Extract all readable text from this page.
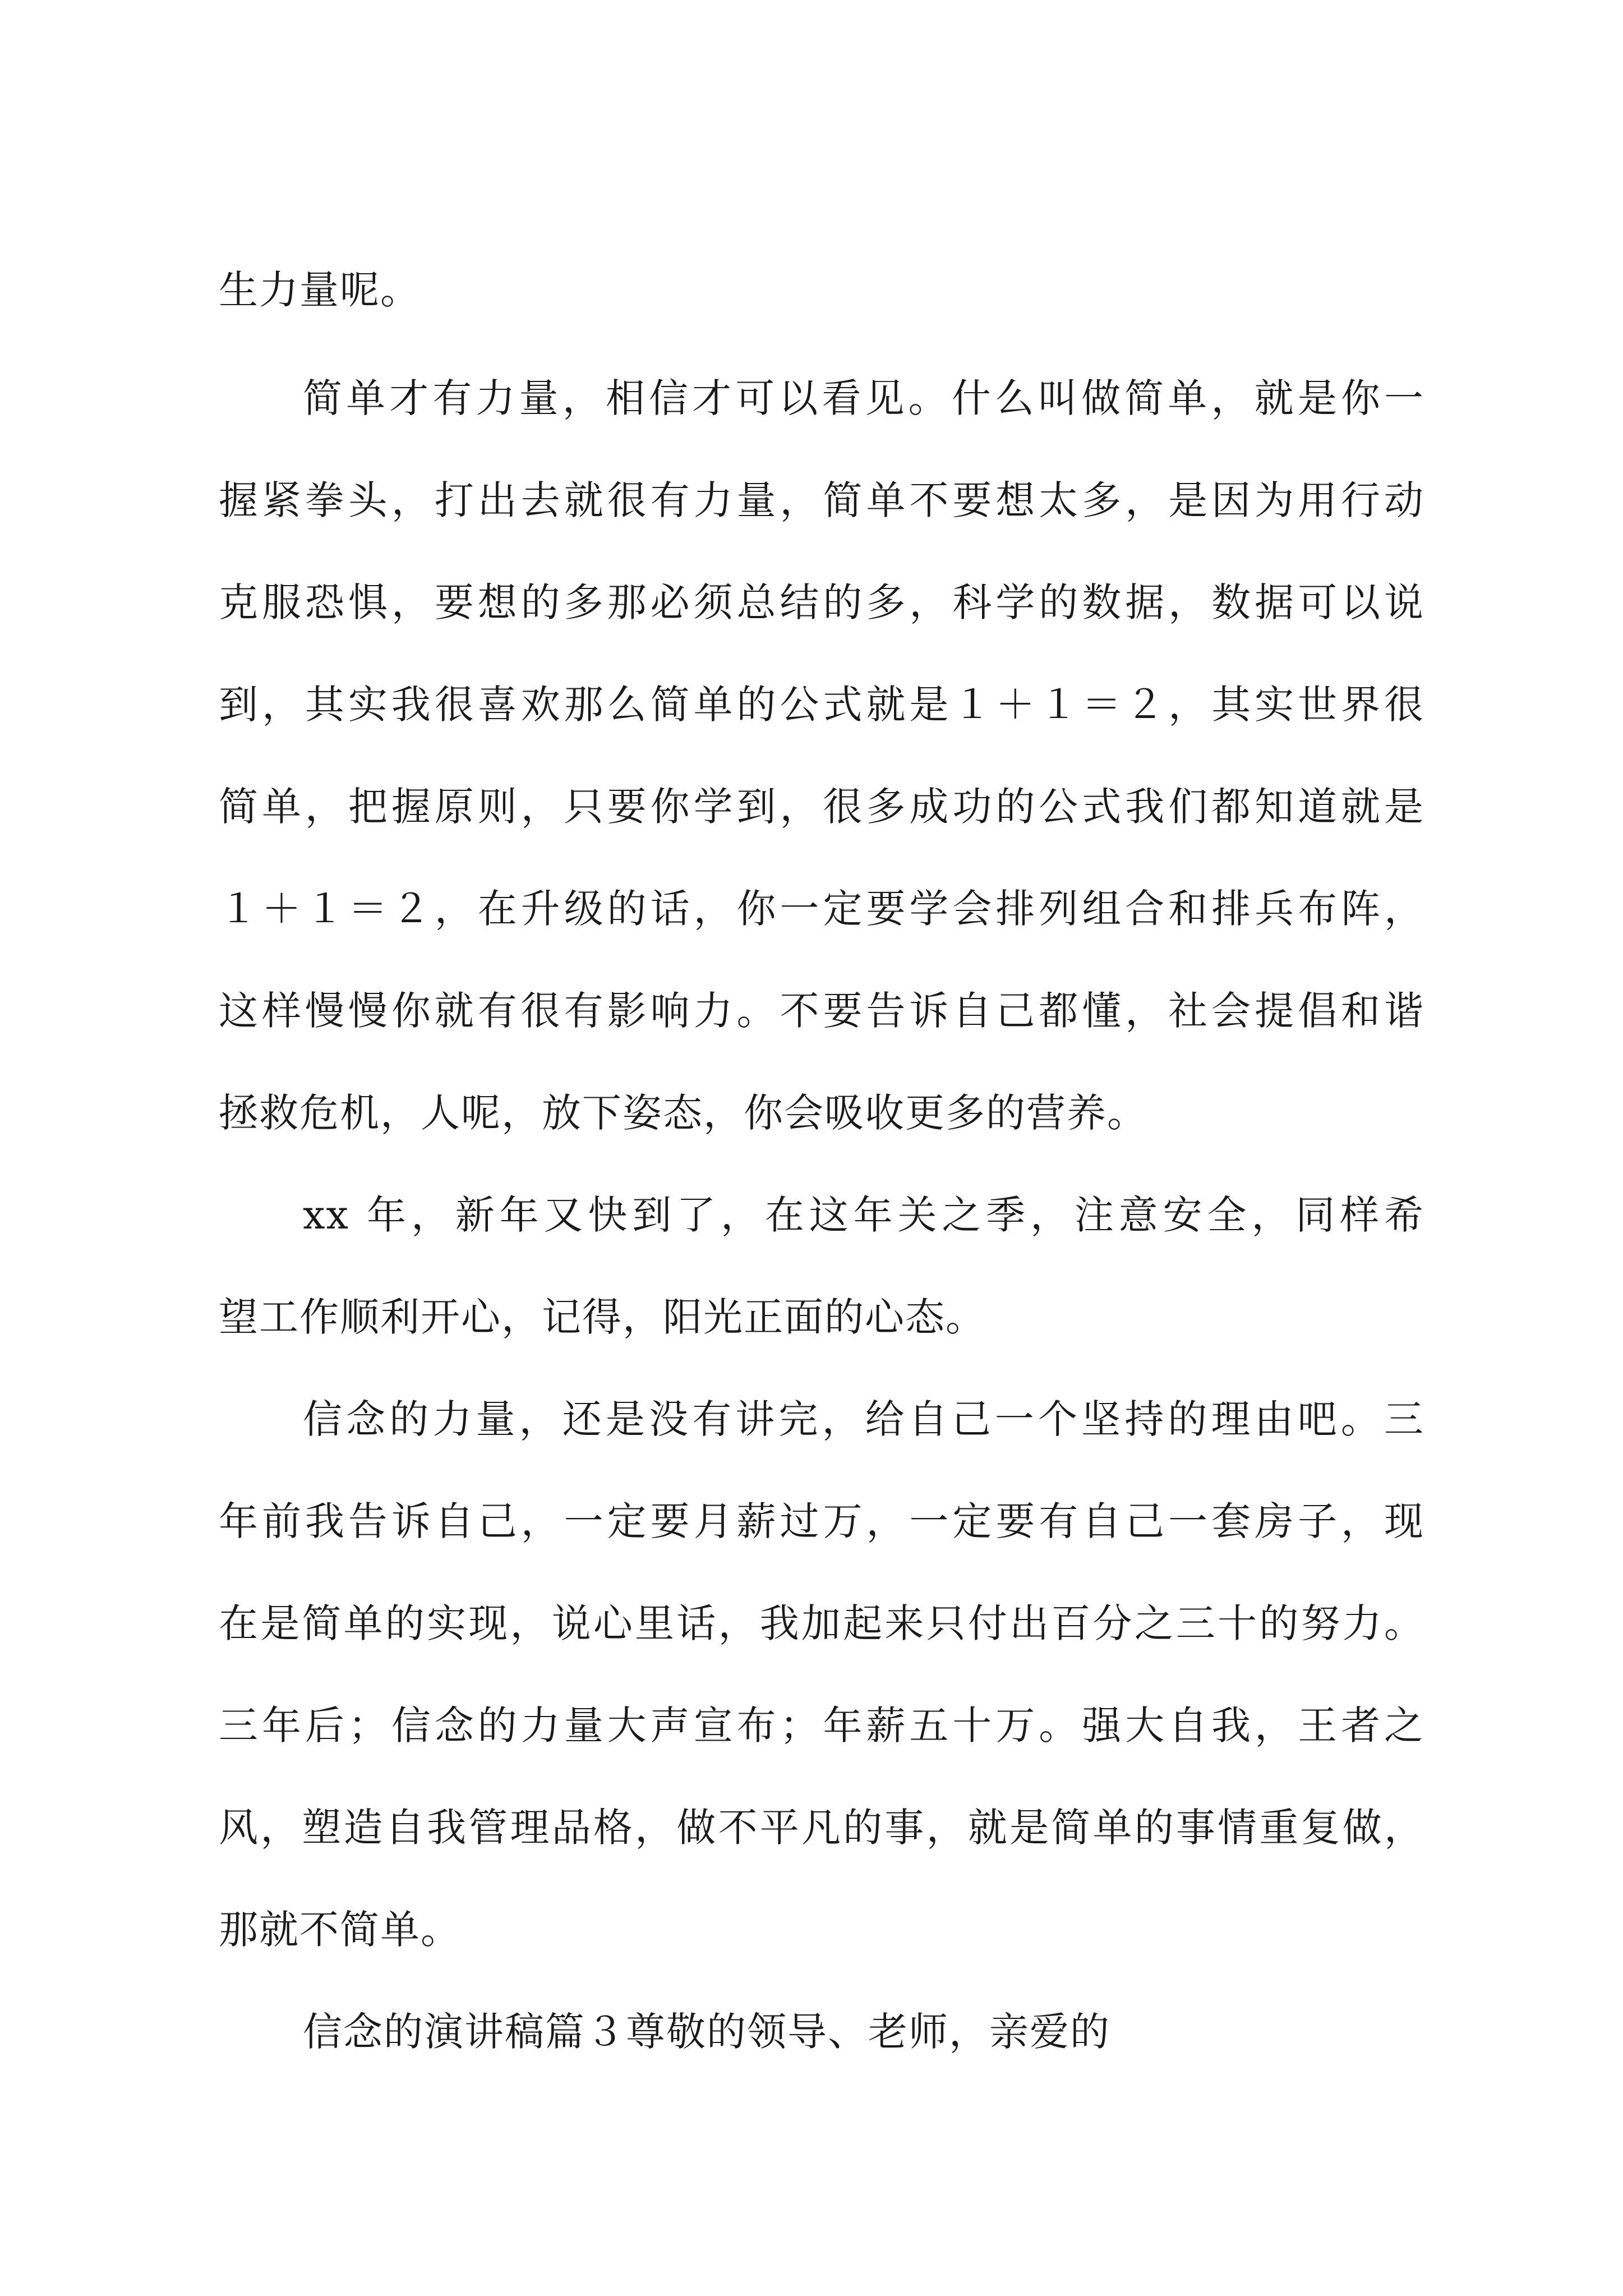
生力量呢。
简单才有力量，相信才可以看见。什么叫做简单，就是你一
握紧拳头，打出去就很有力量，简单不要想太多，是因为用行动
克服恐惧，要想的多那必须总结的多，科学的数据，数据可以说
到，其实我很喜欢那么简单的公式就是１＋１＝２，其实世界很
简单，把握原则，只要你学到，很多成功的公式我们都知道就是
１＋１＝２，在升级的话，你一定要学会排列组合和排兵布阵，
这样慢慢你就有很有影响力。不要告诉自己都懂，社会提倡和谐
拯救危机，人呢，放下姿态，你会吸收更多的营养。
xx 年，新年又快到了，在这年关之季，注意安全，同样希
望工作顺利开心，记得，阳光正面的心态。
信念的力量，还是没有讲完，给自己一个坚持的理由吧。三
年前我告诉自己，一定要月薪过万，一定要有自己一套房子，现
在是简单的实现，说心里话，我加起来只付出百分之三十的努力。
三年后；信念的力量大声宣布；年薪五十万。强大自我，王者之
风，塑造自我管理品格，做不平凡的事，就是简单的事情重复做，
那就不简单。
信念的演讲稿篇３尊敬的领导、老师，亲爱的
